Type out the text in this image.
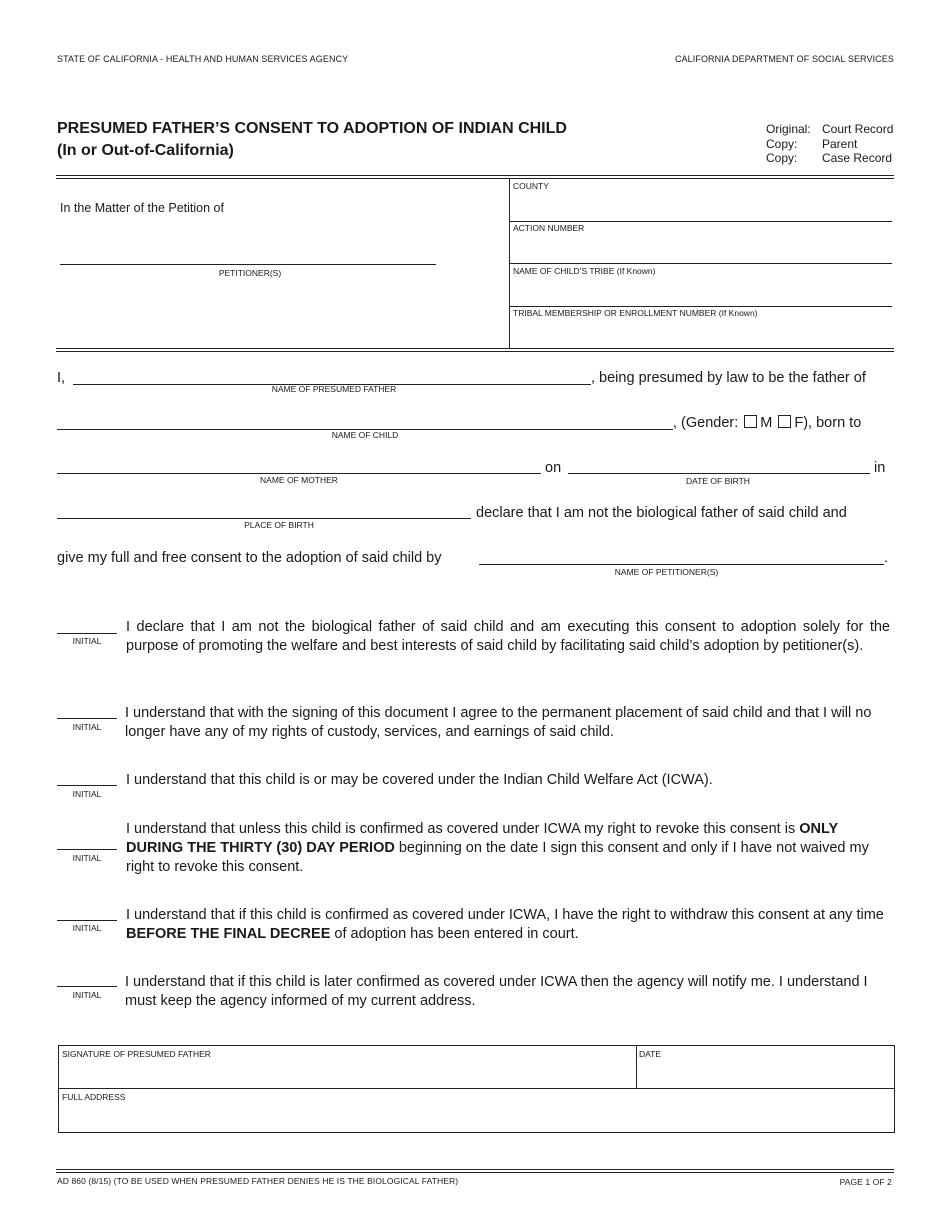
STATE OF CALIFORNIA - HEALTH AND HUMAN SERVICES AGENCY	CALIFORNIA DEPARTMENT OF SOCIAL SERVICES
PRESUMED FATHER’S CONSENT TO ADOPTION OF INDIAN CHILD
(In or Out-of-California)
Original: Court Record
Copy:	Parent
Copy:	Case Record
In the Matter of the Petition of
PETITIONER(S)
COUNTY
ACTION NUMBER
NAME OF CHILD’S TRIBE (If Known)
TRIBAL MEMBERSHIP OR ENROLLMENT NUMBER (If Known)
I,
NAME OF PRESUMED FATHER
, being presumed by law to be the father of
NAME OF CHILD
, (Gender: M F), born to
NAME OF MOTHER
on
DATE OF BIRTH
in
PLACE OF BIRTH
declare that I am not the biological father of said child and
give my full and free consent to the adoption of said child by	.
NAME OF PETITIONER(S)
INITIAL
I declare that I am not the biological father of said child and am executing this consent to adoption solely for the purpose of promoting the welfare and best interests of said child by facilitating said child’s adoption by petitioner(s).
INITIAL
I understand that with the signing of this document I agree to the permanent placement of said child and that I will no longer have any of my rights of custody, services, and earnings of said child.
INITIAL
I understand that this child is or may be covered under the Indian Child Welfare Act (ICWA).
INITIAL
I understand that unless this child is confirmed as covered under ICWA my right to revoke this consent is ONLY DURING THE THIRTY (30) DAY PERIOD beginning on the date I sign this consent and only if I have not waived my right to revoke this consent.
INITIAL
I understand that if this child is confirmed as covered under ICWA, I have the right to withdraw this consent at any time BEFORE THE FINAL DECREE of adoption has been entered in court.
INITIAL
I understand that if this child is later confirmed as covered under ICWA then the agency will notify me. I understand I must keep the agency informed of my current address.
SIGNATURE OF PRESUMED FATHER	DATE
FULL ADDRESS
AD 860 (8/15) (TO BE USED WHEN PRESUMED FATHER DENIES HE IS THE BIOLOGICAL FATHER)	PAGE 1 OF 2
